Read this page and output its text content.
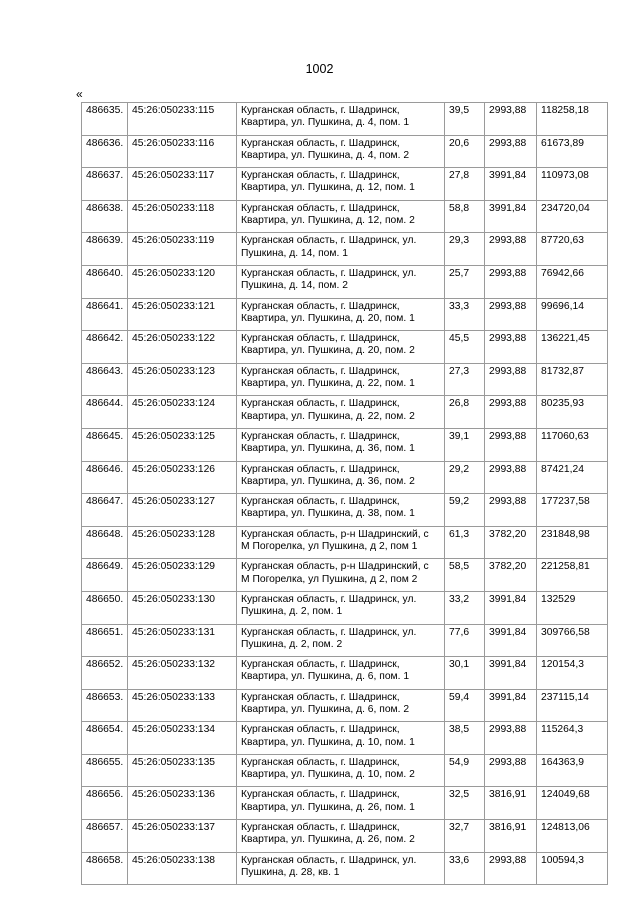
1002
«
486635.	45:26:050233:115	Курганская область, г. Шадринск, Квартира, ул. Пушкина, д. 4, пом. 1	39,5	2993,88	118258,18
486636.	45:26:050233:116	Курганская область, г. Шадринск, Квартира, ул. Пушкина, д. 4, пом. 2	20,6	2993,88	61673,89
486637.	45:26:050233:117	Курганская область, г. Шадринск, Квартира, ул. Пушкина, д. 12, пом. 1	27,8	3991,84	110973,08
486638.	45:26:050233:118	Курганская область, г. Шадринск, Квартира, ул. Пушкина, д. 12, пом. 2	58,8	3991,84	234720,04
486639.	45:26:050233:119	Курганская область, г. Шадринск, ул. Пушкина, д. 14, пом. 1	29,3	2993,88	87720,63
486640.	45:26:050233:120	Курганская область, г. Шадринск, ул. Пушкина, д. 14, пом. 2	25,7	2993,88	76942,66
486641.	45:26:050233:121	Курганская область, г. Шадринск, Квартира, ул. Пушкина, д. 20, пом. 1	33,3	2993,88	99696,14
486642.	45:26:050233:122	Курганская область, г. Шадринск, Квартира, ул. Пушкина, д. 20, пом. 2	45,5	2993,88	136221,45
486643.	45:26:050233:123	Курганская область, г. Шадринск, Квартира, ул. Пушкина, д. 22, пом. 1	27,3	2993,88	81732,87
486644.	45:26:050233:124	Курганская область, г. Шадринск, Квартира, ул. Пушкина, д. 22, пом. 2	26,8	2993,88	80235,93
486645.	45:26:050233:125	Курганская область, г. Шадринск, Квартира, ул. Пушкина, д. 36, пом. 1	39,1	2993,88	117060,63
486646.	45:26:050233:126	Курганская область, г. Шадринск, Квартира, ул. Пушкина, д. 36, пом. 2	29,2	2993,88	87421,24
486647.	45:26:050233:127	Курганская область, г. Шадринск, Квартира, ул. Пушкина, д. 38, пом. 1	59,2	2993,88	177237,58
486648.	45:26:050233:128	Курганская область, р-н Шадринский, с М Погорелка, ул Пушкина, д 2, пом 1	61,3	3782,20	231848,98
486649.	45:26:050233:129	Курганская область, р-н Шадринский, с М Погорелка, ул Пушкина, д 2, пом 2	58,5	3782,20	221258,81
486650.	45:26:050233:130	Курганская область, г. Шадринск, ул. Пушкина, д. 2, пом. 1	33,2	3991,84	132529
486651.	45:26:050233:131	Курганская область, г. Шадринск, ул. Пушкина, д. 2, пом. 2	77,6	3991,84	309766,58
486652.	45:26:050233:132	Курганская область, г. Шадринск, Квартира, ул. Пушкина, д. 6, пом. 1	30,1	3991,84	120154,3
486653.	45:26:050233:133	Курганская область, г. Шадринск, Квартира, ул. Пушкина, д. 6, пом. 2	59,4	3991,84	237115,14
486654.	45:26:050233:134	Курганская область, г. Шадринск, Квартира, ул. Пушкина, д. 10, пом. 1	38,5	2993,88	115264,3
486655.	45:26:050233:135	Курганская область, г. Шадринск, Квартира, ул. Пушкина, д. 10, пом. 2	54,9	2993,88	164363,9
486656.	45:26:050233:136	Курганская область, г. Шадринск, Квартира, ул. Пушкина, д. 26, пом. 1	32,5	3816,91	124049,68
486657.	45:26:050233:137	Курганская область, г. Шадринск, Квартира, ул. Пушкина, д. 26, пом. 2	32,7	3816,91	124813,06
486658.	45:26:050233:138	Курганская область, г. Шадринск, ул. Пушкина, д. 28, кв. 1	33,6	2993,88	100594,3
